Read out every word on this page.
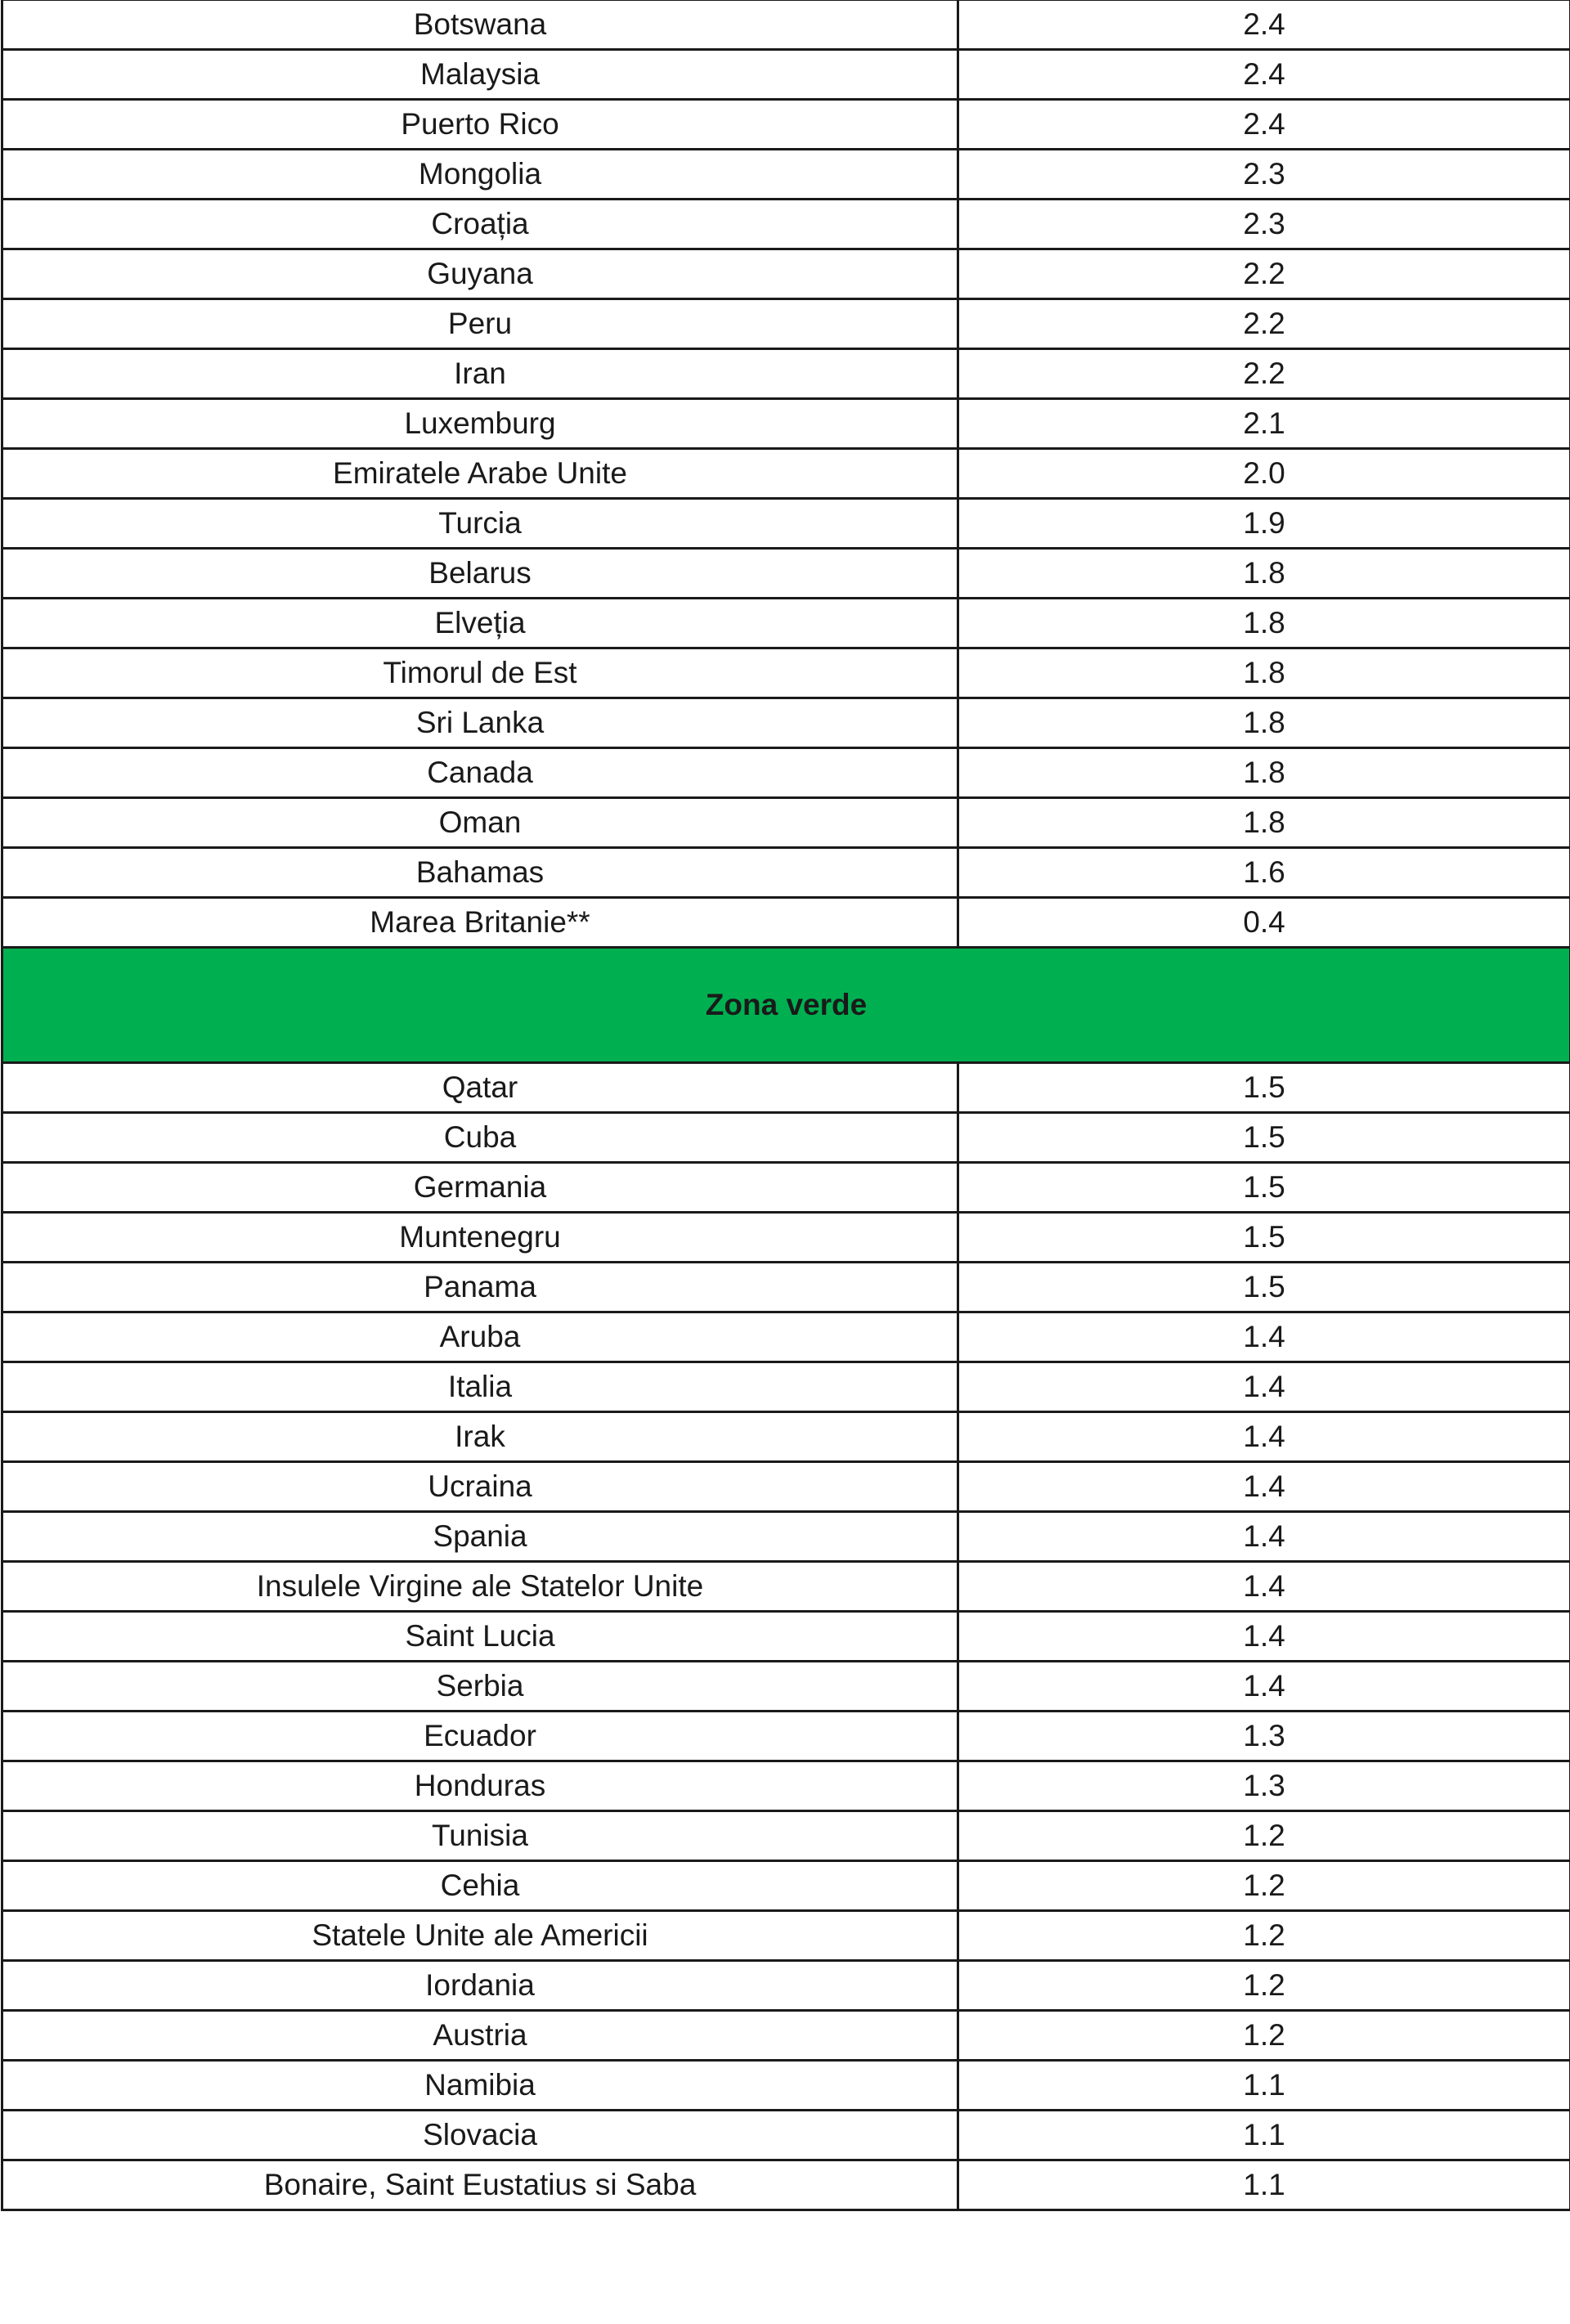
Botswana	2.4
Malaysia	2.4
Puerto Rico	2.4
Mongolia	2.3
Croația	2.3
Guyana	2.2
Peru	2.2
Iran	2.2
Luxemburg	2.1
Emiratele Arabe Unite	2.0
Turcia	1.9
Belarus	1.8
Elveția	1.8
Timorul de Est	1.8
Sri Lanka	1.8
Canada	1.8
Oman	1.8
Bahamas	1.6
Marea Britanie**	0.4
Zona verde	
Qatar	1.5
Cuba	1.5
Germania	1.5
Muntenegru	1.5
Panama	1.5
Aruba	1.4
Italia	1.4
Irak	1.4
Ucraina	1.4
Spania	1.4
Insulele Virgine ale Statelor Unite	1.4
Saint Lucia	1.4
Serbia	1.4
Ecuador	1.3
Honduras	1.3
Tunisia	1.2
Cehia	1.2
Statele Unite ale Americii	1.2
Iordania	1.2
Austria	1.2
Namibia	1.1
Slovacia	1.1
Bonaire, Saint Eustatius si Saba	1.1
